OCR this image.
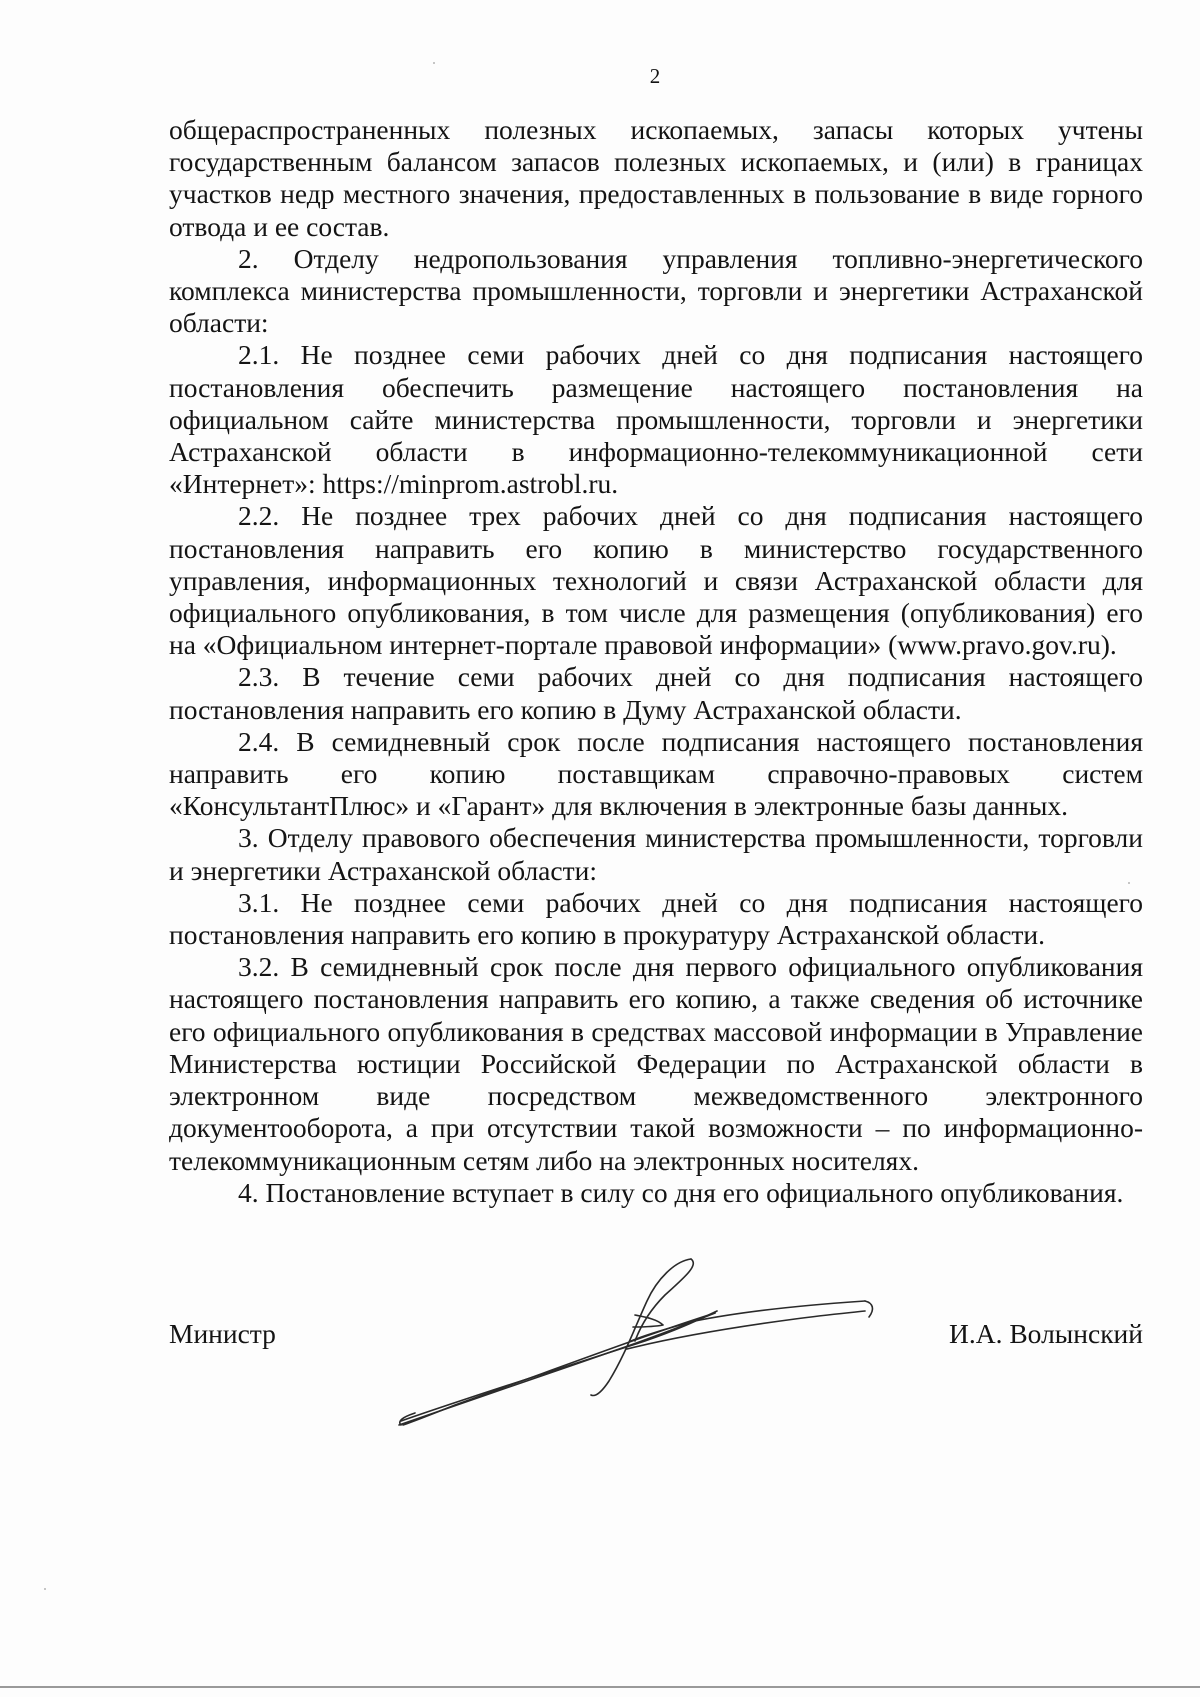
2

общераспространенных полезных ископаемых, запасы которых учтены государственным балансом запасов полезных ископаемых, и (или) в границах участков недр местного значения, предоставленных в пользование в виде горного отвода и ее состав.

2. Отделу недропользования управления топливно-энергетического комплекса министерства промышленности, торговли и энергетики Астраханской области:

2.1. Не позднее семи рабочих дней со дня подписания настоящего постановления обеспечить размещение настоящего постановления на официальном сайте министерства промышленности, торговли и энергетики Астраханской области в информационно-телекоммуникационной сети «Интернет»: https://minprom.astrobl.ru.

2.2. Не позднее трех рабочих дней со дня подписания настоящего постановления направить его копию в министерство государственного управления, информационных технологий и связи Астраханской области для официального опубликования, в том числе для размещения (опубликования) его на «Официальном интернет-портале правовой информации» (www.pravo.gov.ru).

2.3. В течение семи рабочих дней со дня подписания настоящего постановления направить его копию в Думу Астраханской области.

2.4. В семидневный срок после подписания настоящего постановления направить его копию поставщикам справочно-правовых систем «КонсультантПлюс» и «Гарант» для включения в электронные базы данных.

3. Отделу правового обеспечения министерства промышленности, торговли и энергетики Астраханской области:

3.1. Не позднее семи рабочих дней со дня подписания настоящего постановления направить его копию в прокуратуру Астраханской области.

3.2. В семидневный срок после дня первого официального опубликования настоящего постановления направить его копию, а также сведения об источнике его официального опубликования в средствах массовой информации в Управление Министерства юстиции Российской Федерации по Астраханской области в электронном виде посредством межведомственного электронного документооборота, а при отсутствии такой возможности – по информационно-телекоммуникационным сетям либо на электронных носителях.

4. Постановление вступает в силу со дня его официального опубликования.

Министр	И.А. Волынский
